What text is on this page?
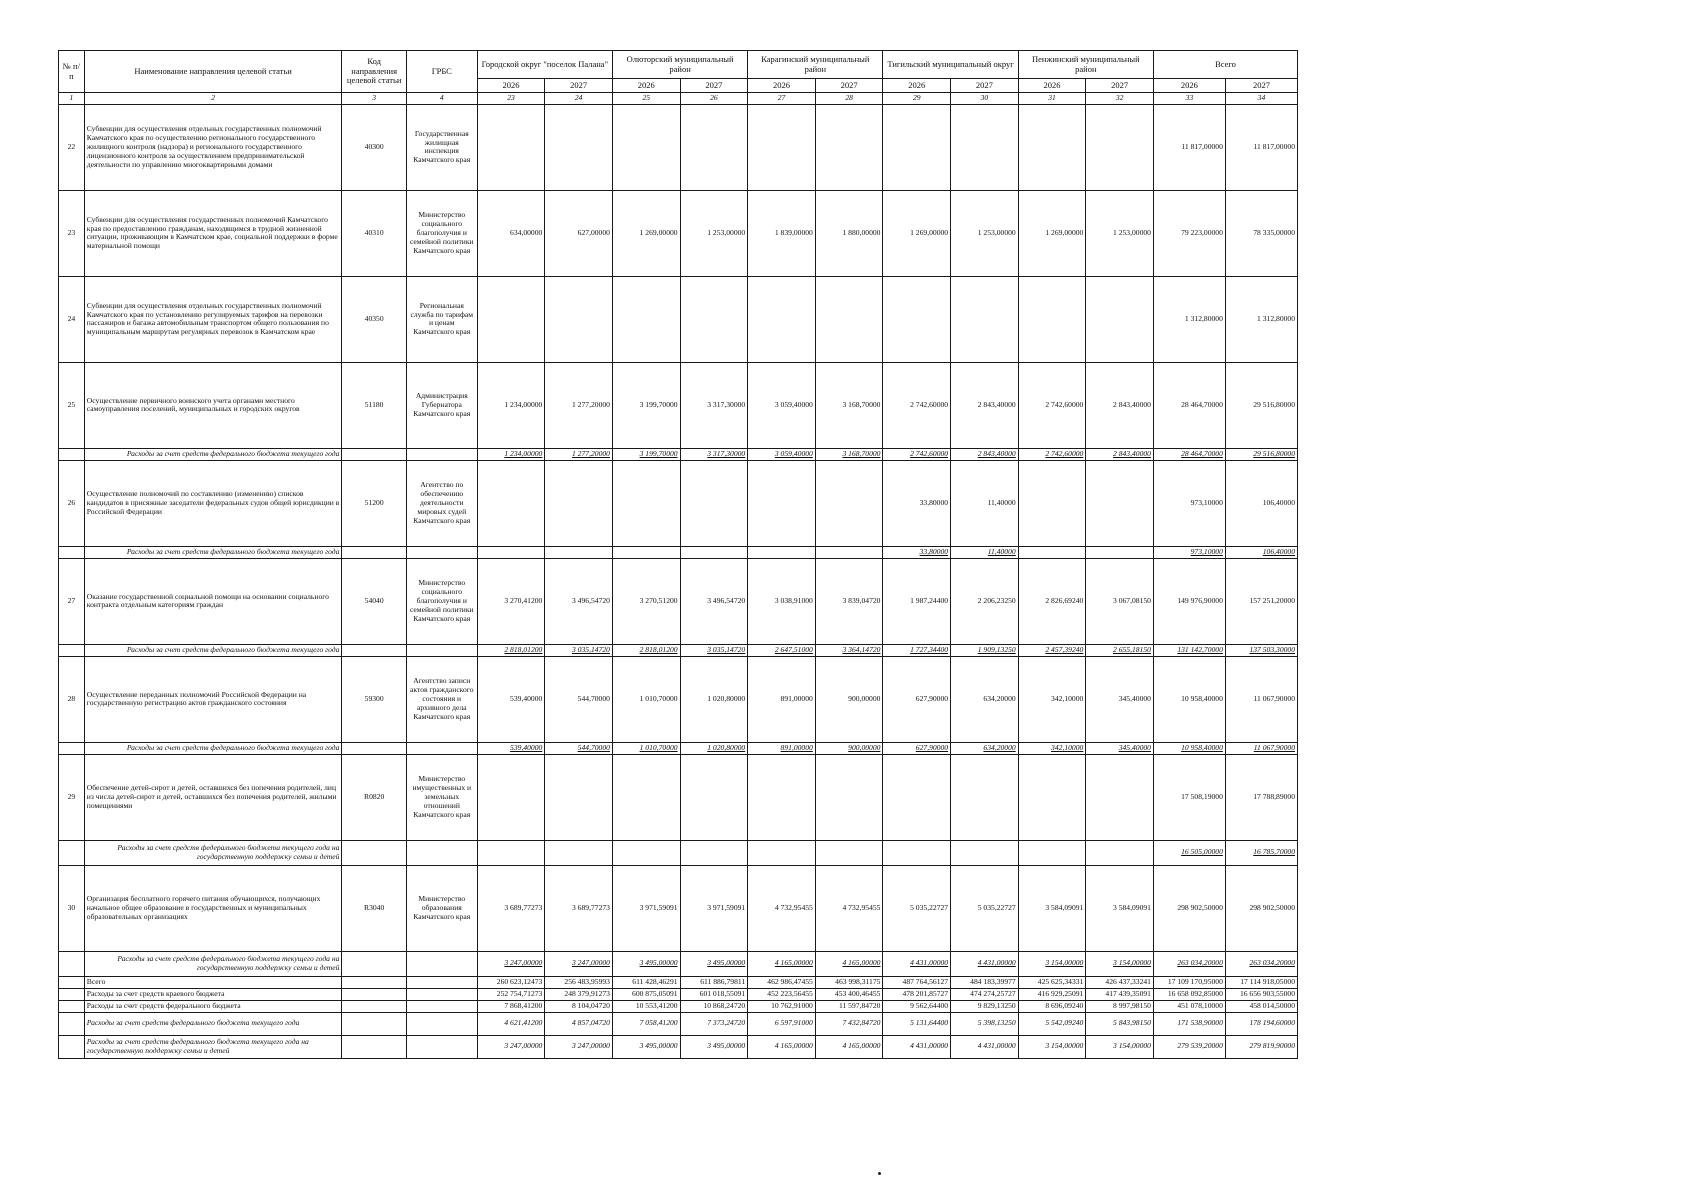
№ п/п	Наименование направления целевой статьи	Код направления целевой статьи	ГРБС	Городской округ "поселок Палана"		Олюторский муниципальный район		Карагинский муниципальный район		Тигильский муниципальный округ		Пенжинский муниципальный район		Всего	
				2026	2027	2026	2027	2026	2027	2026	2027	2026	2027	2026	2027
1	2	3	4	23	24	25	26	27	28	29	30	31	32	33	34
22	Субвенции для осуществления отдельных государственных полномочий Камчатского края по осуществлению регионального государственного жилищного контроля (надзора) и регионального государственного лицензионного контроля за осуществлением предпринимательской деятельности по управлению многоквартирными домами	40300	Государственная жилищная инспекция Камчатского края											11 817,00000	11 817,00000
23	Субвенции для осуществления государственных полномочий Камчатского края по предоставлению гражданам, находящимся в трудной жизненной ситуации, проживающим в Камчатском крае, социальной поддержки в форме материальной помощи	40310	Министерство социального благополучия и семейной политики Камчатского края	634,00000	627,00000	1 269,00000	1 253,00000	1 839,00000	1 880,00000	1 269,00000	1 253,00000	1 269,00000	1 253,00000	79 223,00000	78 335,00000
24	Субвенции для осуществления отдельных государственных полномочий Камчатского края по установлению регулируемых тарифов на перевозки пассажиров и багажа автомобильным транспортом общего пользования по муниципальным маршрутам регулярных перевозок в Камчатском крае	40350	Региональная служба по тарифам и ценам Камчатского края											1 312,80000	1 312,80000
25	Осуществление первичного воинского учета органами местного самоуправления поселений, муниципальных и городских округов	51180	Администрация Губернатора Камчатского края	1 234,00000	1 277,20000	3 199,70000	3 317,30000	3 059,40000	3 168,70000	2 742,60000	2 843,40000	2 742,60000	2 843,40000	28 464,70000	29 516,80000
	Расходы за счет средств федерального бюджета текущего года			1 234,00000	1 277,20000	3 199,70000	3 317,30000	3 059,40000	3 168,70000	2 742,60000	2 843,40000	2 742,60000	2 843,40000	28 464,70000	29 516,80000
26	Осуществление полномочий по составлению (изменению) списков кандидатов в присяжные заседатели федеральных судов общей юрисдикции в Российской Федерации	51200	Агентство по обеспечению деятельности мировых судей Камчатского края							33,80000	11,40000			973,10000	106,40000
	Расходы за счет средств федерального бюджета текущего года									33,80000	11,40000			973,10000	106,40000
27	Оказание государственной социальной помощи на основании социального контракта отдельным категориям граждан	54040	Министерство социального благополучия и семейной политики Камчатского края	3 270,41200	3 496,54720	3 270,51200	3 496,54720	3 038,91000	3 839,04720	1 987,24400	2 206,23250	2 826,69240	3 067,08150	149 976,90000	157 251,20000
	Расходы за счет средств федерального бюджета текущего года			2 818,01200	3 035,14720	2 818,01200	3 035,14720	2 647,51000	3 364,14720	1 727,34400	1 909,13250	2 457,39240	2 655,18150	131 142,70000	137 503,30000
28	Осуществление переданных полномочий Российской Федерации на государственную регистрацию актов гражданского состояния	59300	Агентство записи актов гражданского состояния и архивного дела Камчатского края	539,40000	544,70000	1 010,70000	1 020,80000	891,00000	900,00000	627,90000	634,20000	342,10000	345,40000	10 958,40000	11 067,90000
	Расходы за счет средств федерального бюджета текущего года			539,40000	544,70000	1 010,70000	1 020,80000	891,00000	900,00000	627,90000	634,20000	342,10000	345,40000	10 958,40000	11 067,90000
29	Обеспечение детей-сирот и детей, оставшихся без попечения родителей, лиц из числа детей-сирот и детей, оставшихся без попечения родителей, жилыми помещениями	R0820	Министерство имущественных и земельных отношений Камчатского края											17 508,19000	17 788,89000
	Расходы за счет средств федерального бюджета текущего года на государственную поддержку семьи и детей													16 505,00000	16 785,70000
30	Организация бесплатного горячего питания обучающихся, получающих начальное общее образование в государственных и муниципальных образовательных организациях	R3040	Министерство образования Камчатского края	3 689,77273	3 689,77273	3 971,59091	3 971,59091	4 732,95455	4 732,95455	5 035,22727	5 035,22727	3 584,09091	3 584,09091	298 902,50000	298 902,50000
	Расходы за счет средств федерального бюджета текущего года на государственную поддержку семьи и детей			3 247,00000	3 247,00000	3 495,00000	3 495,00000	4 165,00000	4 165,00000	4 431,00000	4 431,00000	3 154,00000	3 154,00000	263 034,20000	263 034,20000
	Всего			260 623,12473	256 483,95993	611 428,46291	611 886,79811	462 986,47455	463 998,31175	487 764,56127	484 183,39977	425 625,34331	426 437,33241	17 109 170,95000	17 114 918,05000
	Расходы за счет средств краевого бюджета			252 754,71273	248 379,91273	600 875,05091	601 018,55091	452 223,56455	453 400,46455	478 201,85727	474 274,25727	416 929,25091	417 439,35091	16 658 092,85000	16 656 903,55000
	Расходы за счет средств федерального бюджета			7 868,41200	8 104,04720	10 553,41200	10 868,24720	10 762,91000	11 597,84720	9 562,64400	9 829,13250	8 696,09240	8 997,98150	451 078,10000	458 014,50000
	Расходы за счет средств федерального бюджета текущего года			4 621,41200	4 857,04720	7 058,41200	7 373,24720	6 597,91000	7 432,84720	5 131,64400	5 398,13250	5 542,09240	5 843,98150	171 538,90000	178 194,60000
	Расходы за счет средств федерального бюджета текущего года на государственную поддержку семьи и детей			3 247,00000	3 247,00000	3 495,00000	3 495,00000	4 165,00000	4 165,00000	4 431,00000	4 431,00000	3 154,00000	3 154,00000	279 539,20000	279 819,90000
